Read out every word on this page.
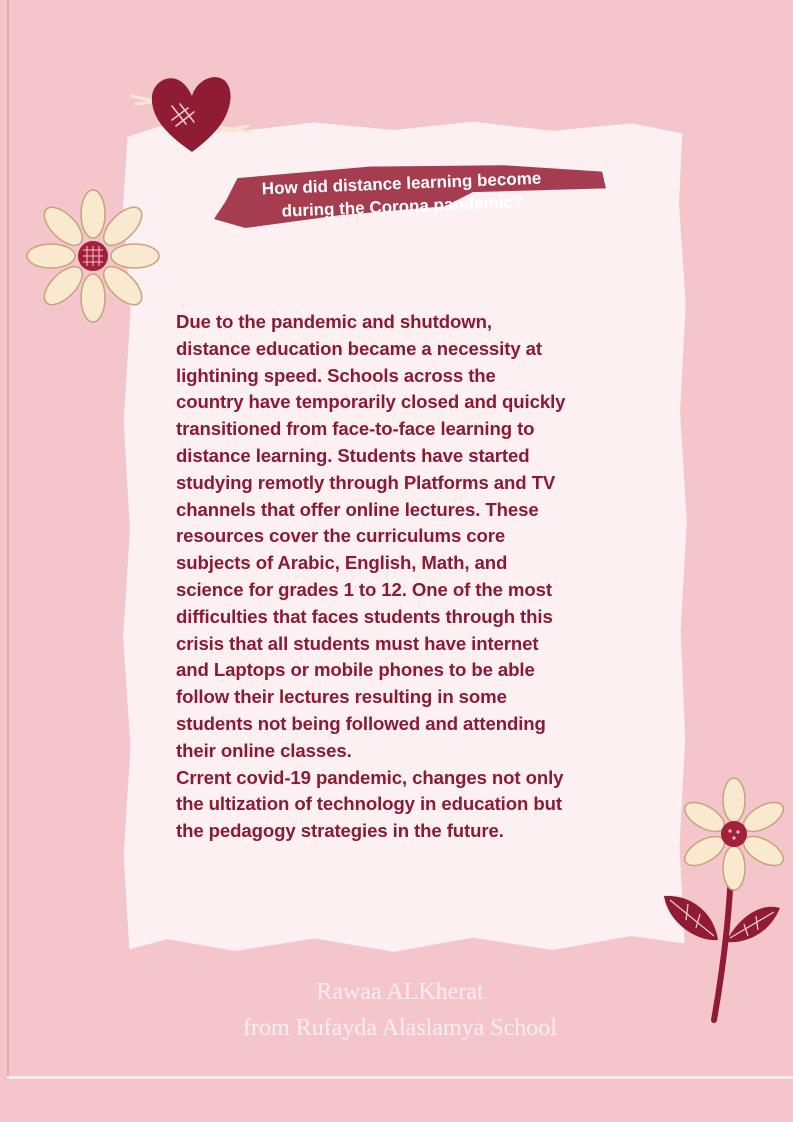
How did distance learning become
during the Corona pandemic?

Due to the pandemic and shutdown,
distance education became a necessity at
lightining speed. Schools across the
country have temporarily closed and quickly
transitioned from face-to-face learning to
distance learning. Students have started
studying remotly through Platforms and TV
channels that offer online lectures. These
resources cover the curriculums core
subjects of Arabic, English, Math, and
science for grades 1 to 12. One of the most
difficulties that faces students through this
crisis that all students must have internet
and Laptops or mobile phones to be able
follow their lectures resulting in some
students not being followed and attending
their online classes.
Crrent covid-19 pandemic, changes not only
the ultization of technology in education but
the pedagogy strategies in the future.

Rawaa ALKherat
from Rufayda Alaslamya School
